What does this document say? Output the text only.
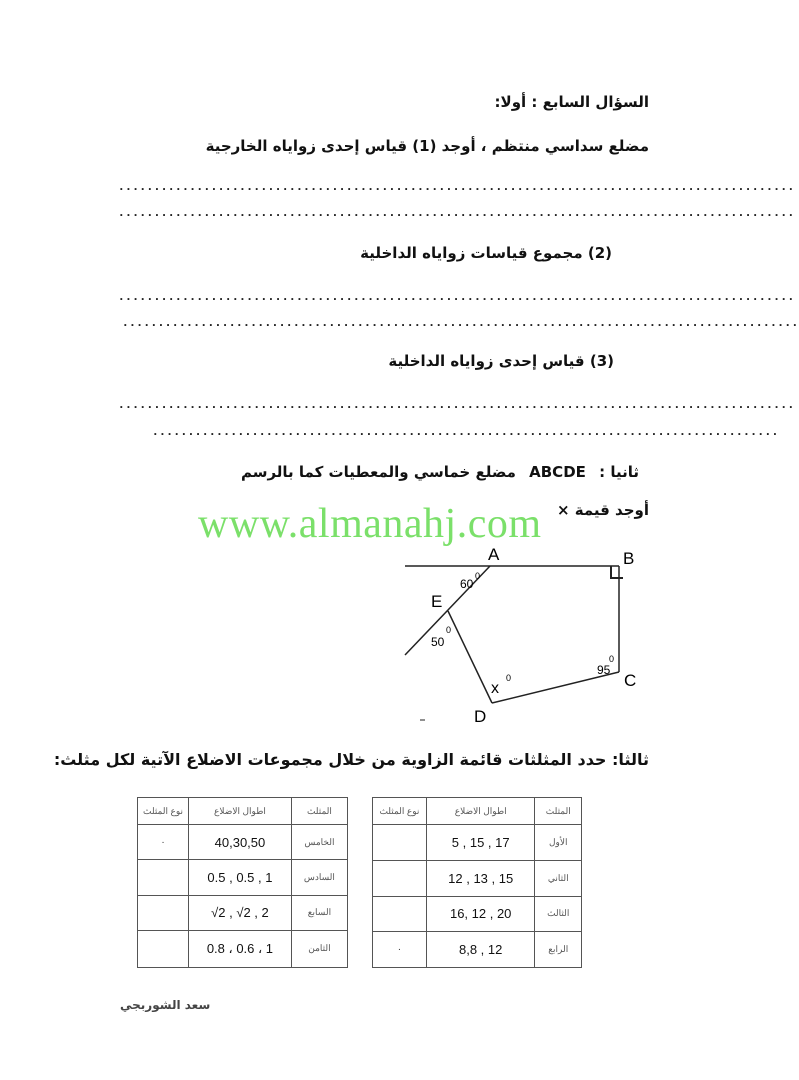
السؤال السابع : أولا:
مضلع سداسي منتظم ، أوجد (1) قياس إحدى زواياه الخارجية
...............................................................................................
...............................................................................................
(2) مجموع قياسات زواياه الداخلية
...............................................................................................
...............................................................................................
(3) قياس إحدى زواياه الداخلية
...............................................................................................
........................................................................................
ثانيا : ABCDE مضلع خماسي والمعطيات كما بالرسم
أوجد قيمة ×
www.almanahj.com
A	B
C
D
E
x
60
0
50
0
95
0
0
ثالثا: حدد المثلثات قائمة الزاوية من خلال مجموعات الاضلاع الآتية لكل مثلث:
نوع المثلث	اطوال الاضلاع	المثلث
·	40,30,50	الخامس
	0.5 , 0.5 , 1	السادس
	√2 , √2 , 2	السابع
	0.8 ، 0.6 ، 1	الثامن
نوع المثلث	اطوال الاضلاع	المثلث
	5 , 15 , 17	الأول
	12 , 13 , 15	الثاني
	16, 12 , 20	الثالث
·	8,8 , 12	الرابع
سعد الشوربجي
